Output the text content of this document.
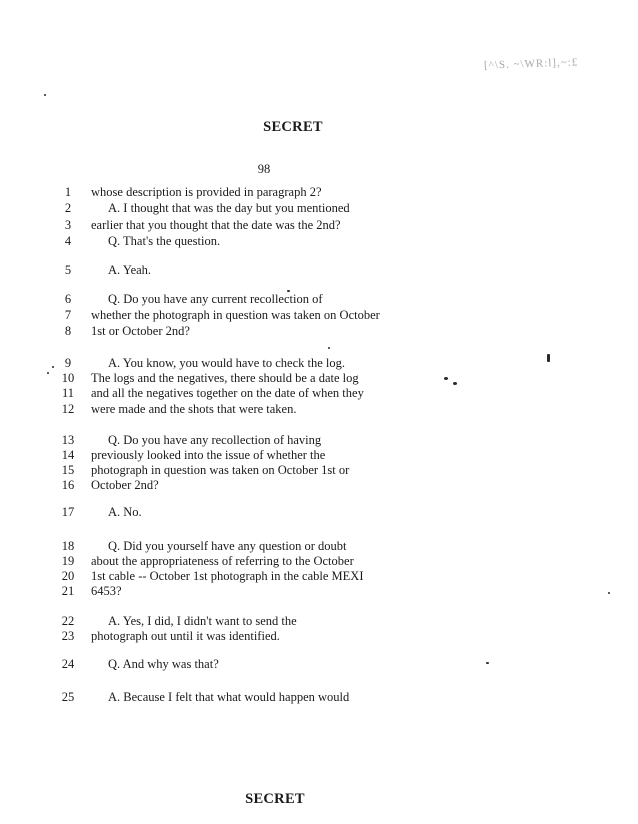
[^\S. ~\WR:l],~:£
SECRET
98
1	whose description is provided in paragraph 2?
2	A. I thought that was the day but you mentioned
3	earlier that you thought that the date was the 2nd?
4	Q. That's the question.
5	A. Yeah.
6	Q. Do you have any current recollection of
7	whether the photograph in question was taken on October
8	1st or October 2nd?
9	A. You know, you would have to check the log.
10	The logs and the negatives, there should be a date log
11	and all the negatives together on the date of when they
12	were made and the shots that were taken.
13	Q. Do you have any recollection of having
14	previously looked into the issue of whether the
15	photograph in question was taken on October 1st or
16	October 2nd?
17	A. No.
18	Q. Did you yourself have any question or doubt
19	about the appropriateness of referring to the October
20	1st cable -- October 1st photograph in the cable MEXI
21	6453?
22	A. Yes, I did, I didn't want to send the
23	photograph out until it was identified.
24	Q. And why was that?
25	A. Because I felt that what would happen would
SECRET
